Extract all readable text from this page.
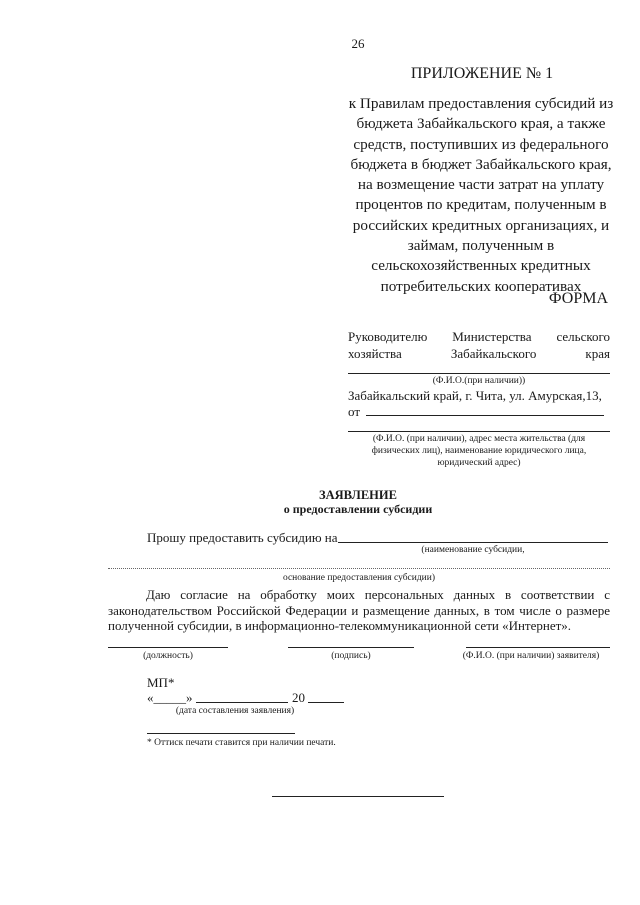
26
ПРИЛОЖЕНИЕ № 1
к Правилам предоставления субсидий из бюджета Забайкальского края, а также средств, поступивших из федерального бюджета в бюджет Забайкальского края, на возмещение части затрат на уплату процентов по кредитам, полученным в российских кредитных организациях, и займам, полученным в сельскохозяйственных кредитных потребительских кооперативах
ФОРМА
Руководителю Министерства сельского хозяйства Забайкальского края
(Ф.И.О.(при наличии))
Забайкальский край, г. Чита, ул. Амурская,13,
от
(Ф.И.О. (при наличии), адрес места жительства (для физических лиц), наименование юридического лица, юридический адрес)
ЗАЯВЛЕНИЕ
о предоставлении субсидии
Прошу предоставить субсидию на
(наименование субсидии,
основание предоставления субсидии)
Даю согласие на обработку моих персональных данных в соответствии с законодательством Российской Федерации и размещение данных, в том числе о размере полученной субсидии, в информационно-телекоммуникационной сети «Интернет».
(должность)	(подпись)	(Ф.И.О. (при наличии) заявителя)
МП*
«_____»	20
(дата составления заявления)
* Оттиск печати ставится при наличии печати.
